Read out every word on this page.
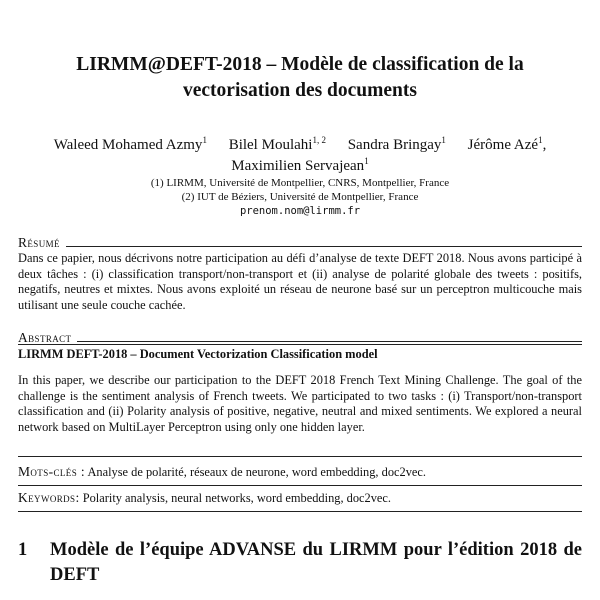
LIRMM@DEFT-2018 – Modèle de classification de la
vectorisation des documents
Waleed Mohamed Azmy$^1$ Bilel Moulahi$^{1, 2}$ Sandra Bringay$^1$ Jérôme Azé$^1$, Maximilien Servajean$^1$
(1) LIRMM, Université de Montpellier, CNRS, Montpellier, France
(2) IUT de Béziers, Université de Montpellier, France
prenom.nom@lirmm.fr
Résumé
Dans ce papier, nous décrivons notre participation au défi d’analyse de texte DEFT 2018. Nous avons participé à deux tâches : (i) classification transport/non-transport et (ii) analyse de polarité globale des tweets : positifs, negatifs, neutres et mixtes. Nous avons exploité un réseau de neurone basé sur un perceptron multicouche mais utilisant une seule couche cachée.
Abstract
LIRMM DEFT-2018 – Document Vectorization Classification model
In this paper, we describe our participation to the DEFT 2018 French Text Mining Challenge. The goal of the challenge is the sentiment analysis of French tweets. We participated to two tasks : (i) Transport/non-transport classification and (ii) Polarity analysis of positive, negative, neutral and mixed sentiments. We explored a neural network based on MultiLayer Perceptron using only one hidden layer.
Mots-clés : Analyse de polarité, réseaux de neurone, word embedding, doc2vec.
Keywords: Polarity analysis, neural networks, word embedding, doc2vec.
1 Modèle de l’équipe ADVANSE du LIRMM pour l’édition 2018 de DEFT
